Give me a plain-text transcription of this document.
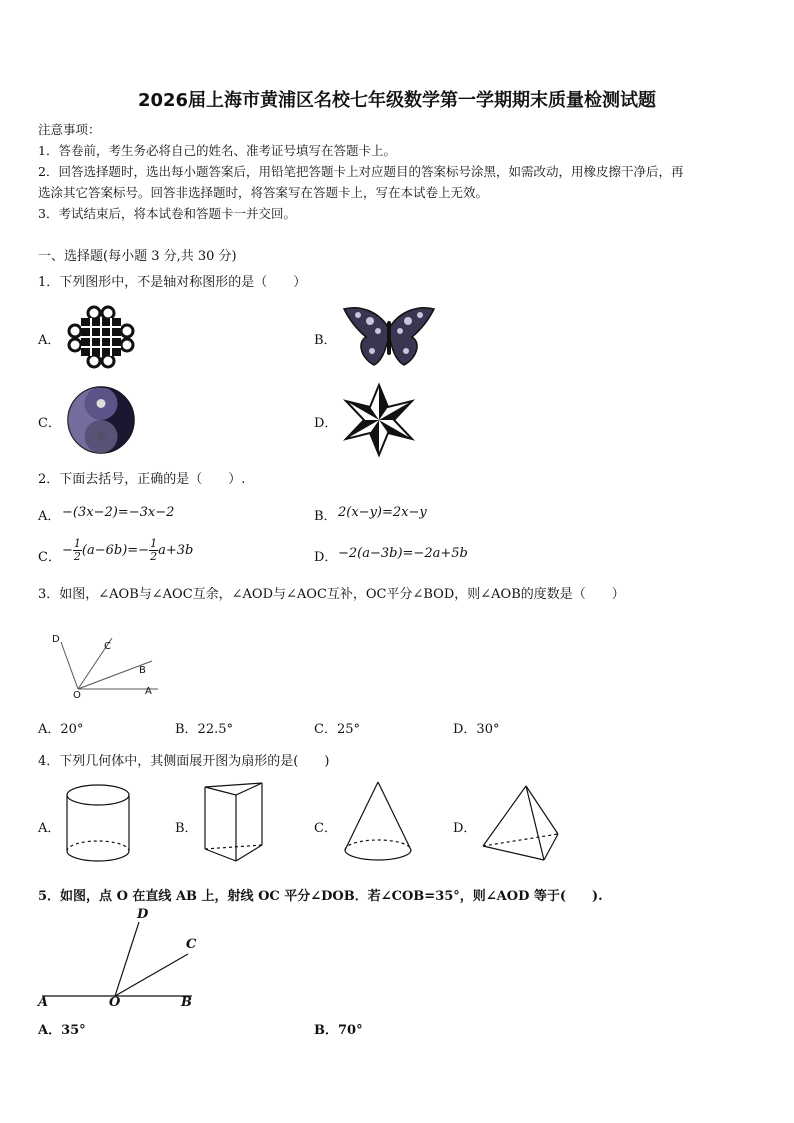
2026届上海市黄浦区名校七年级数学第一学期期末质量检测试题
注意事项：
1．答卷前，考生务必将自己的姓名、准考证号填写在答题卡上。
2．回答选择题时，选出每小题答案后，用铅笔把答题卡上对应题目的答案标号涂黑，如需改动，用橡皮擦干净后，再
选涂其它答案标号。回答非选择题时，将答案写在答题卡上，写在本试卷上无效。
3．考试结束后，将本试卷和答题卡一并交回。
一、选择题(每小题 3 分,共 30 分)
1．下列图形中，不是轴对称图形的是（　　）
A．	B．
C．	D．
2．下面去括号，正确的是（　　）.
A． −(3x−2)=−3x−2	B． 2(x−y)=2x−y
C． − $\frac{1}{2} (a-6b)=- \frac{1}{2} a+3b$	D． −2(a−3b)=−2a+5b
3．如图，∠AOB与∠AOC互余，∠AOD与∠AOC互补，OC平分∠BOD，则∠AOB的度数是（　　）
D
C
B
O	A
A．20°	B．22.5°	C．25°	D．30°
4．下列几何体中，其侧面展开图为扇形的是(　　)
A．	B．	C．	D．
5．如图，点 O 在直线 AB 上，射线 OC 平分∠DOB．若∠COB=35°，则∠AOD 等于(　　).
D
C
A	O	B
A．35°	B．70°
